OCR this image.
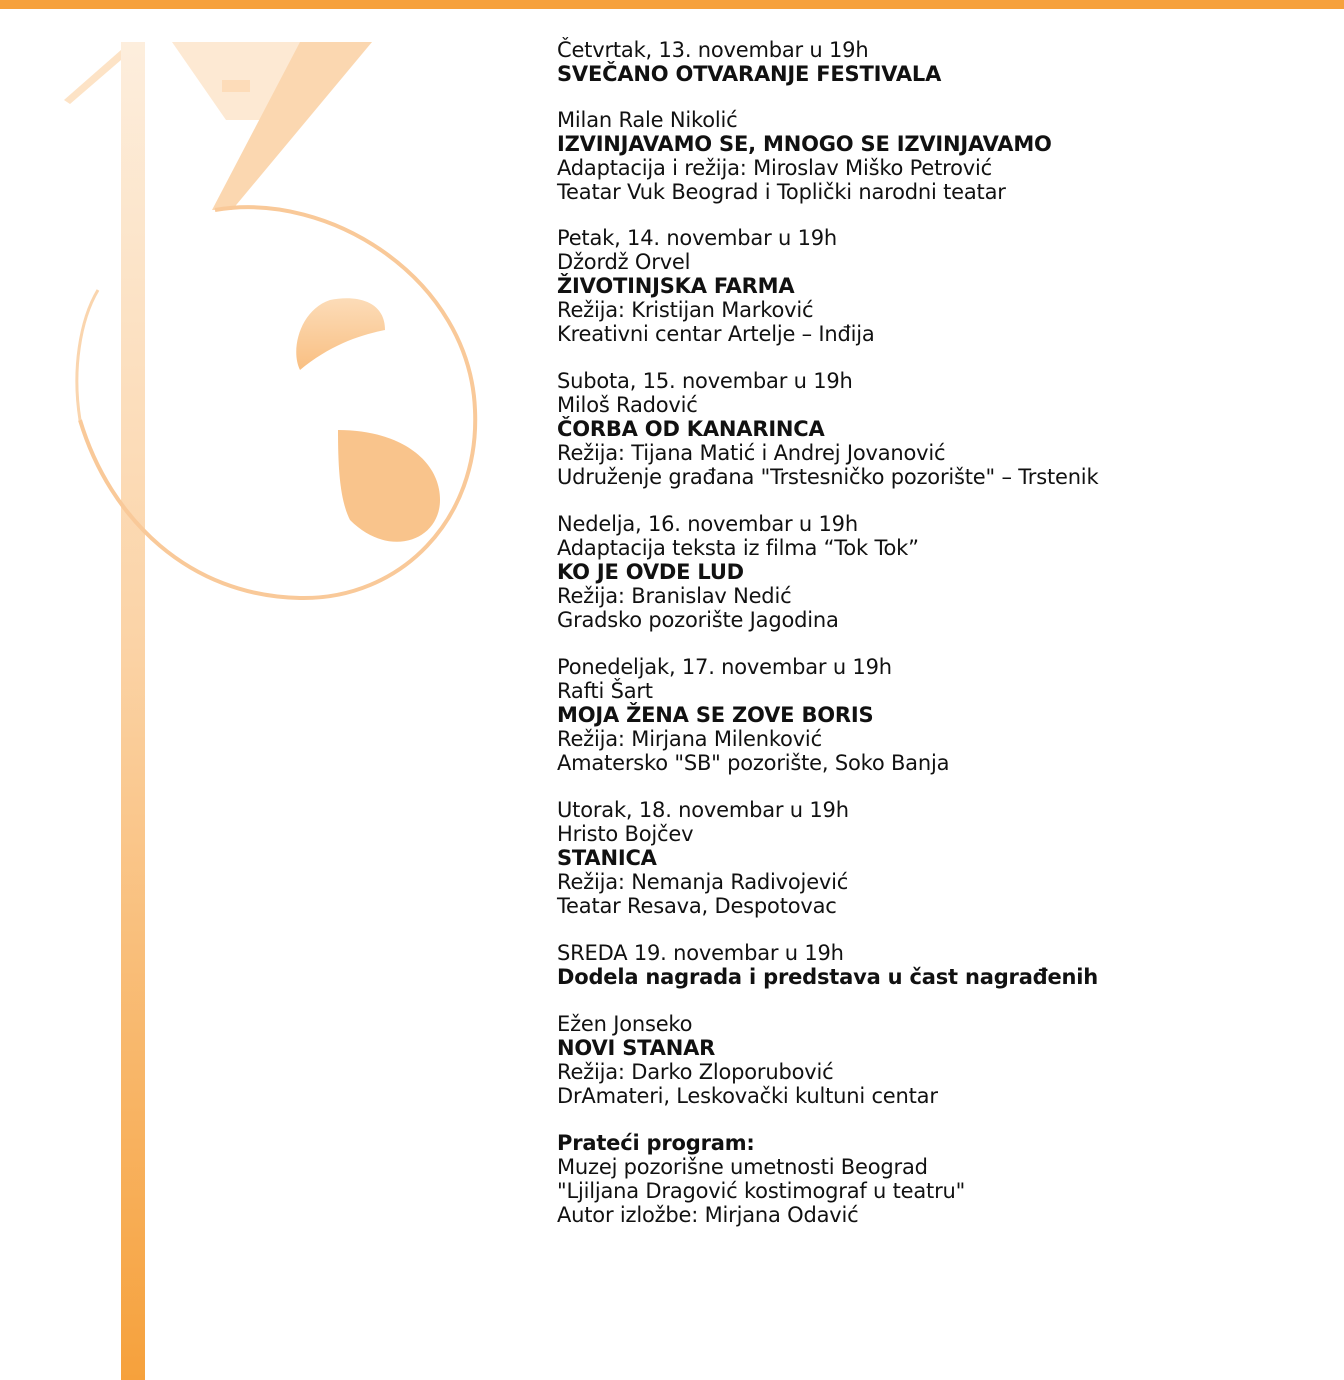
Četvrtak, 13. novembar u 19h
SVEČANO OTVARANJE FESTIVALA
Milan Rale Nikolić
IZVINJAVAMO SE, MNOGO SE IZVINJAVAMO
Adaptacija i režija: Miroslav Miško Petrović
Teatar Vuk Beograd i Toplički narodni teatar
Petak, 14. novembar u 19h
Džordž Orvel
ŽIVOTINJSKA FARMA
Režija: Kristijan Marković
Kreativni centar Artelje – Inđija
Subota, 15. novembar u 19h
Miloš Radović
ČORBA OD KANARINCA
Režija: Tijana Matić i Andrej Jovanović
Udruženje građana "Trstesničko pozorište" – Trstenik
Nedelja, 16. novembar u 19h
Adaptacija teksta iz filma “Tok Tok”
KO JE OVDE LUD
Režija: Branislav Nedić
Gradsko pozorište Jagodina
Ponedeljak, 17. novembar u 19h
Rafti Šart
MOJA ŽENA SE ZOVE BORIS
Režija: Mirjana Milenković
Amatersko "SB" pozorište, Soko Banja
Utorak, 18. novembar u 19h
Hristo Bojčev
STANICA
Režija: Nemanja Radivojević
Teatar Resava, Despotovac
SREDA 19. novembar u 19h
Dodela nagrada i predstava u čast nagrađenih
Ežen Jonseko
NOVI STANAR
Režija: Darko Zloporubović
DrAmateri, Leskovački kultuni centar
Prateći program:
Muzej pozorišne umetnosti Beograd
"Ljiljana Dragović kostimograf u teatru"
Autor izložbe: Mirjana Odavić
